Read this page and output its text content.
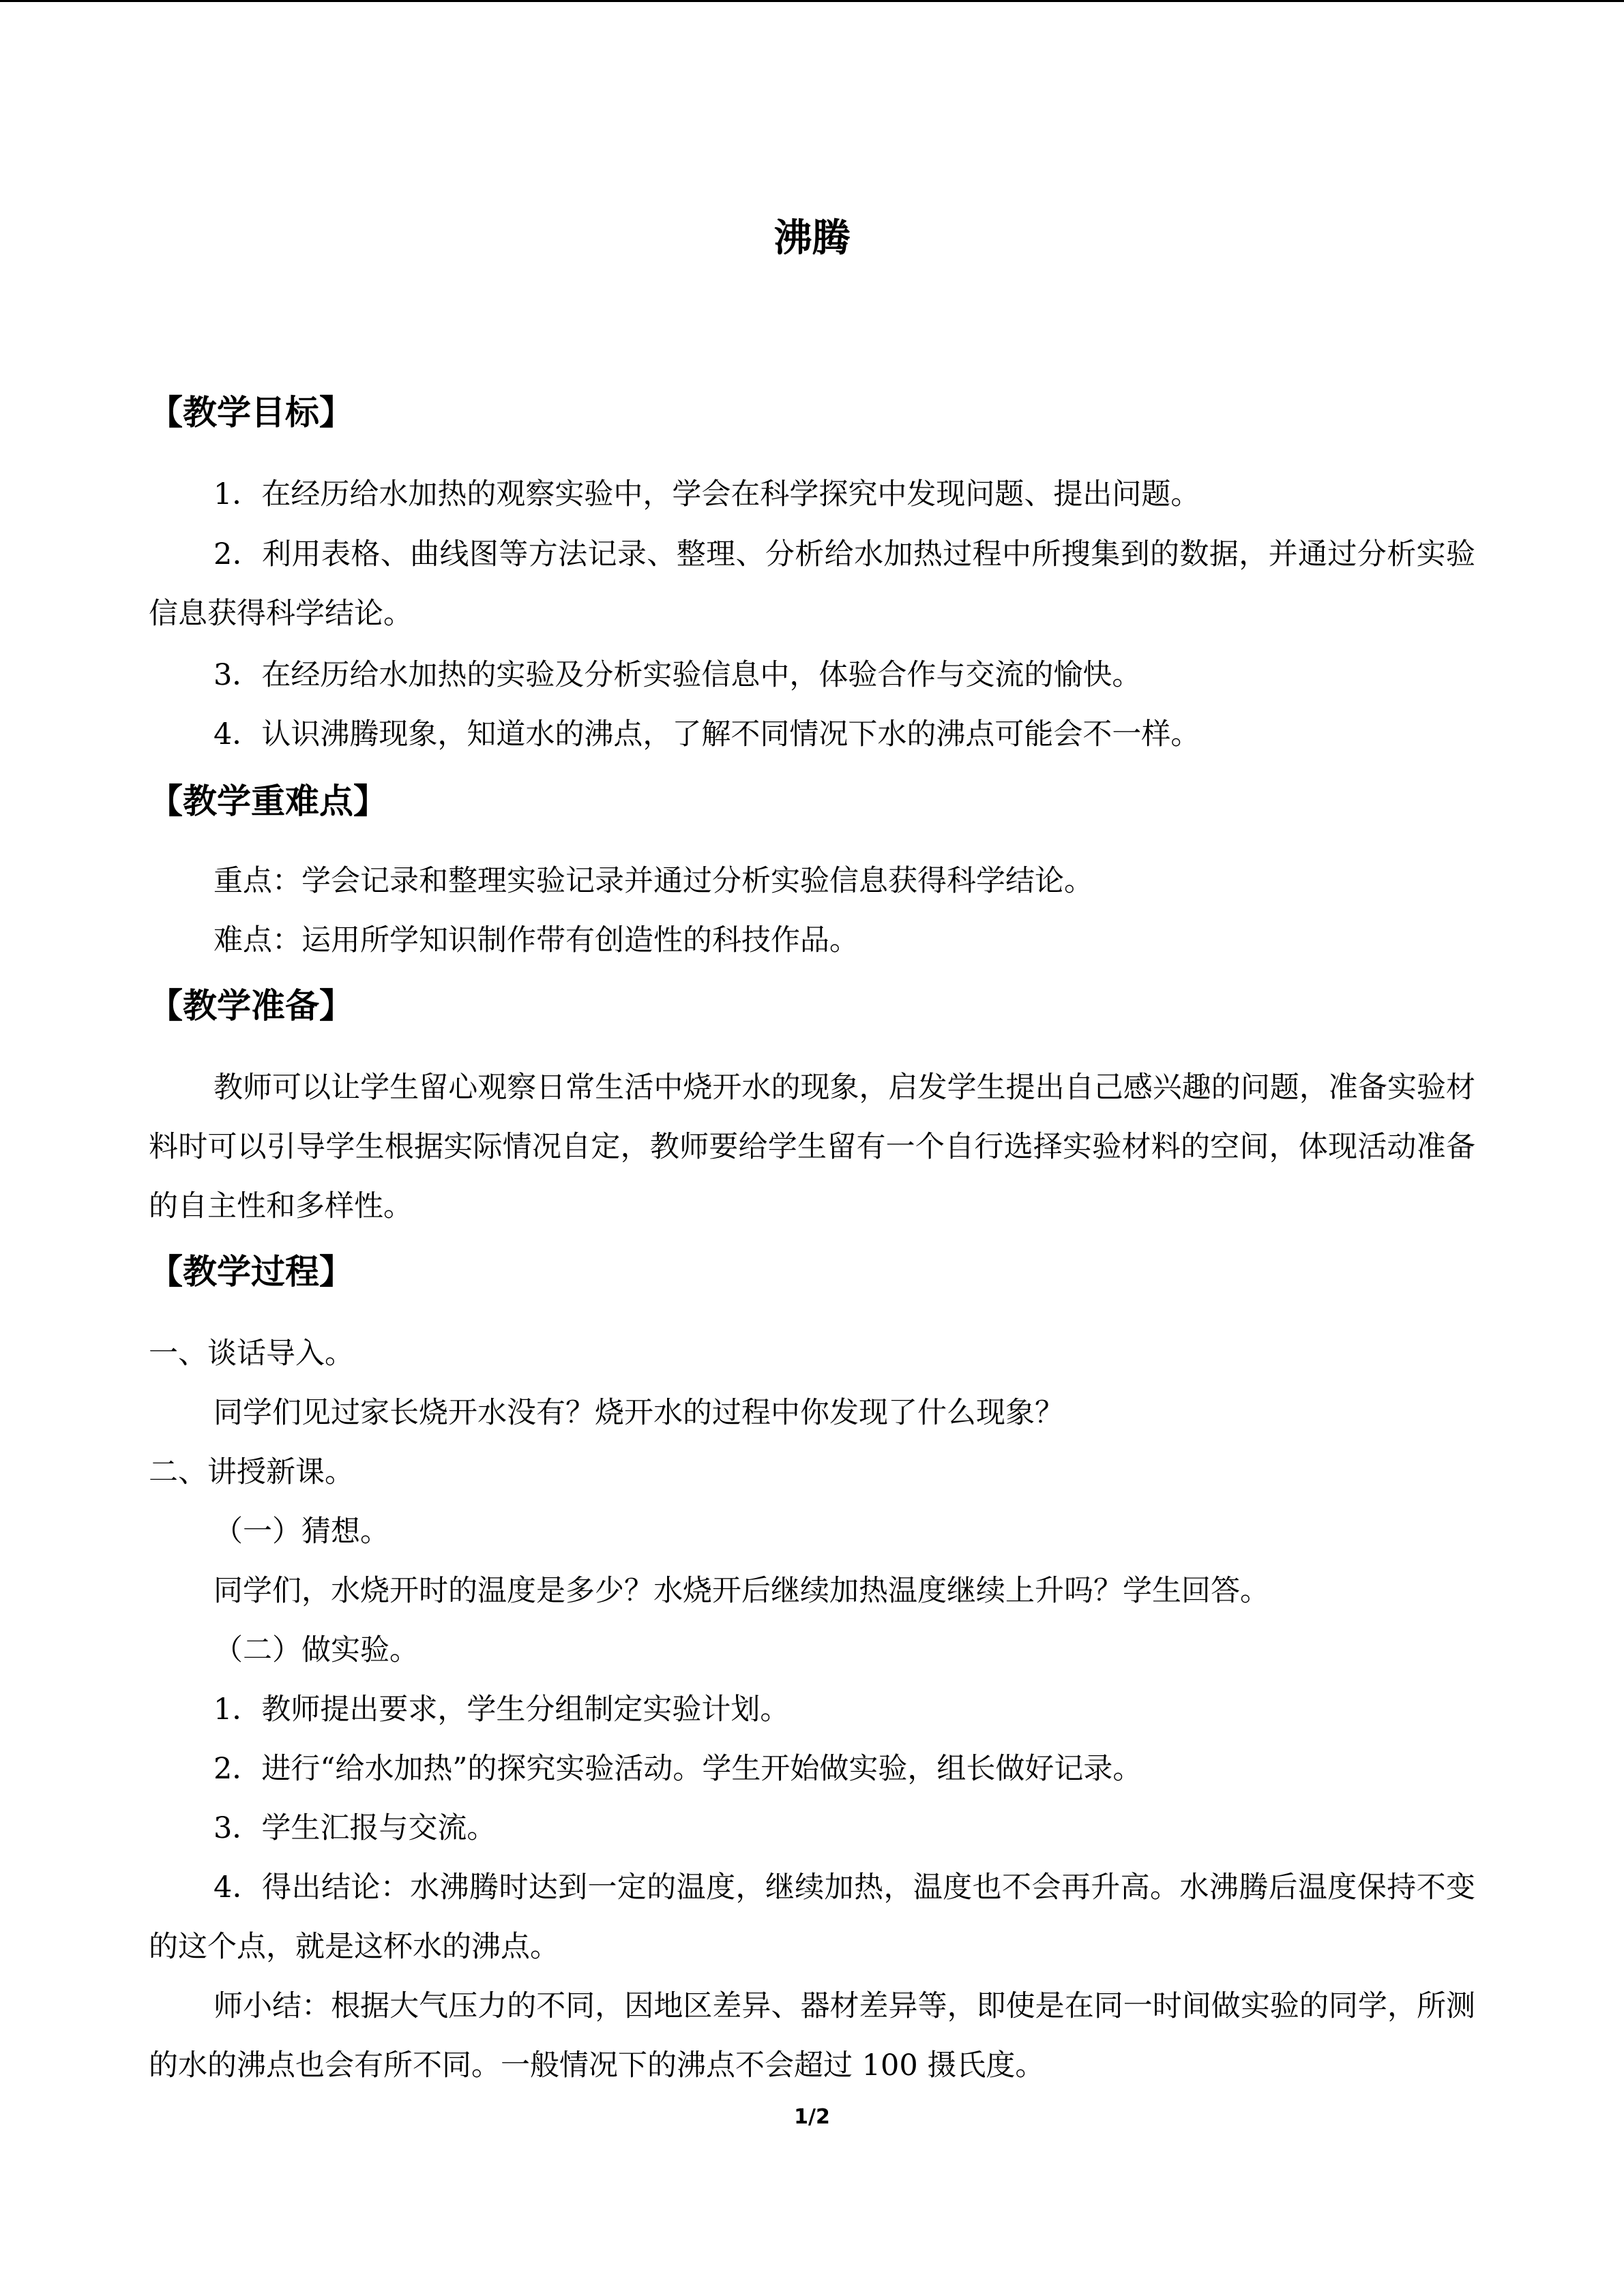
沸腾
【教学目标】

1．在经历给水加热的观察实验中，学会在科学探究中发现问题、提出问题。

2．利用表格、曲线图等方法记录、整理、分析给水加热过程中所搜集到的数据，并通过分析实验信息获得科学结论。

3．在经历给水加热的实验及分析实验信息中，体验合作与交流的愉快。

4．认识沸腾现象，知道水的沸点，了解不同情况下水的沸点可能会不一样。

【教学重难点】

重点：学会记录和整理实验记录并通过分析实验信息获得科学结论。

难点：运用所学知识制作带有创造性的科技作品。

【教学准备】

教师可以让学生留心观察日常生活中烧开水的现象，启发学生提出自己感兴趣的问题，准备实验材料时可以引导学生根据实际情况自定，教师要给学生留有一个自行选择实验材料的空间，体现活动准备的自主性和多样性。

【教学过程】
一、谈话导入。
同学们见过家长烧开水没有？烧开水的过程中你发现了什么现象？
二、讲授新课。
（一）猜想。
同学们，水烧开时的温度是多少？水烧开后继续加热温度继续上升吗？学生回答。
（二）做实验。
1．教师提出要求，学生分组制定实验计划。
2．进行“给水加热”的探究实验活动。学生开始做实验，组长做好记录。
3．学生汇报与交流。

4．得出结论：水沸腾时达到一定的温度，继续加热，温度也不会再升高。水沸腾后温度保持不变的这个点，就是这杯水的沸点。

师小结：根据大气压力的不同，因地区差异、器材差异等，即使是在同一时间做实验的同学，所测的水的沸点也会有所不同。一般情况下的沸点不会超过 100 摄氏度。

1/2
